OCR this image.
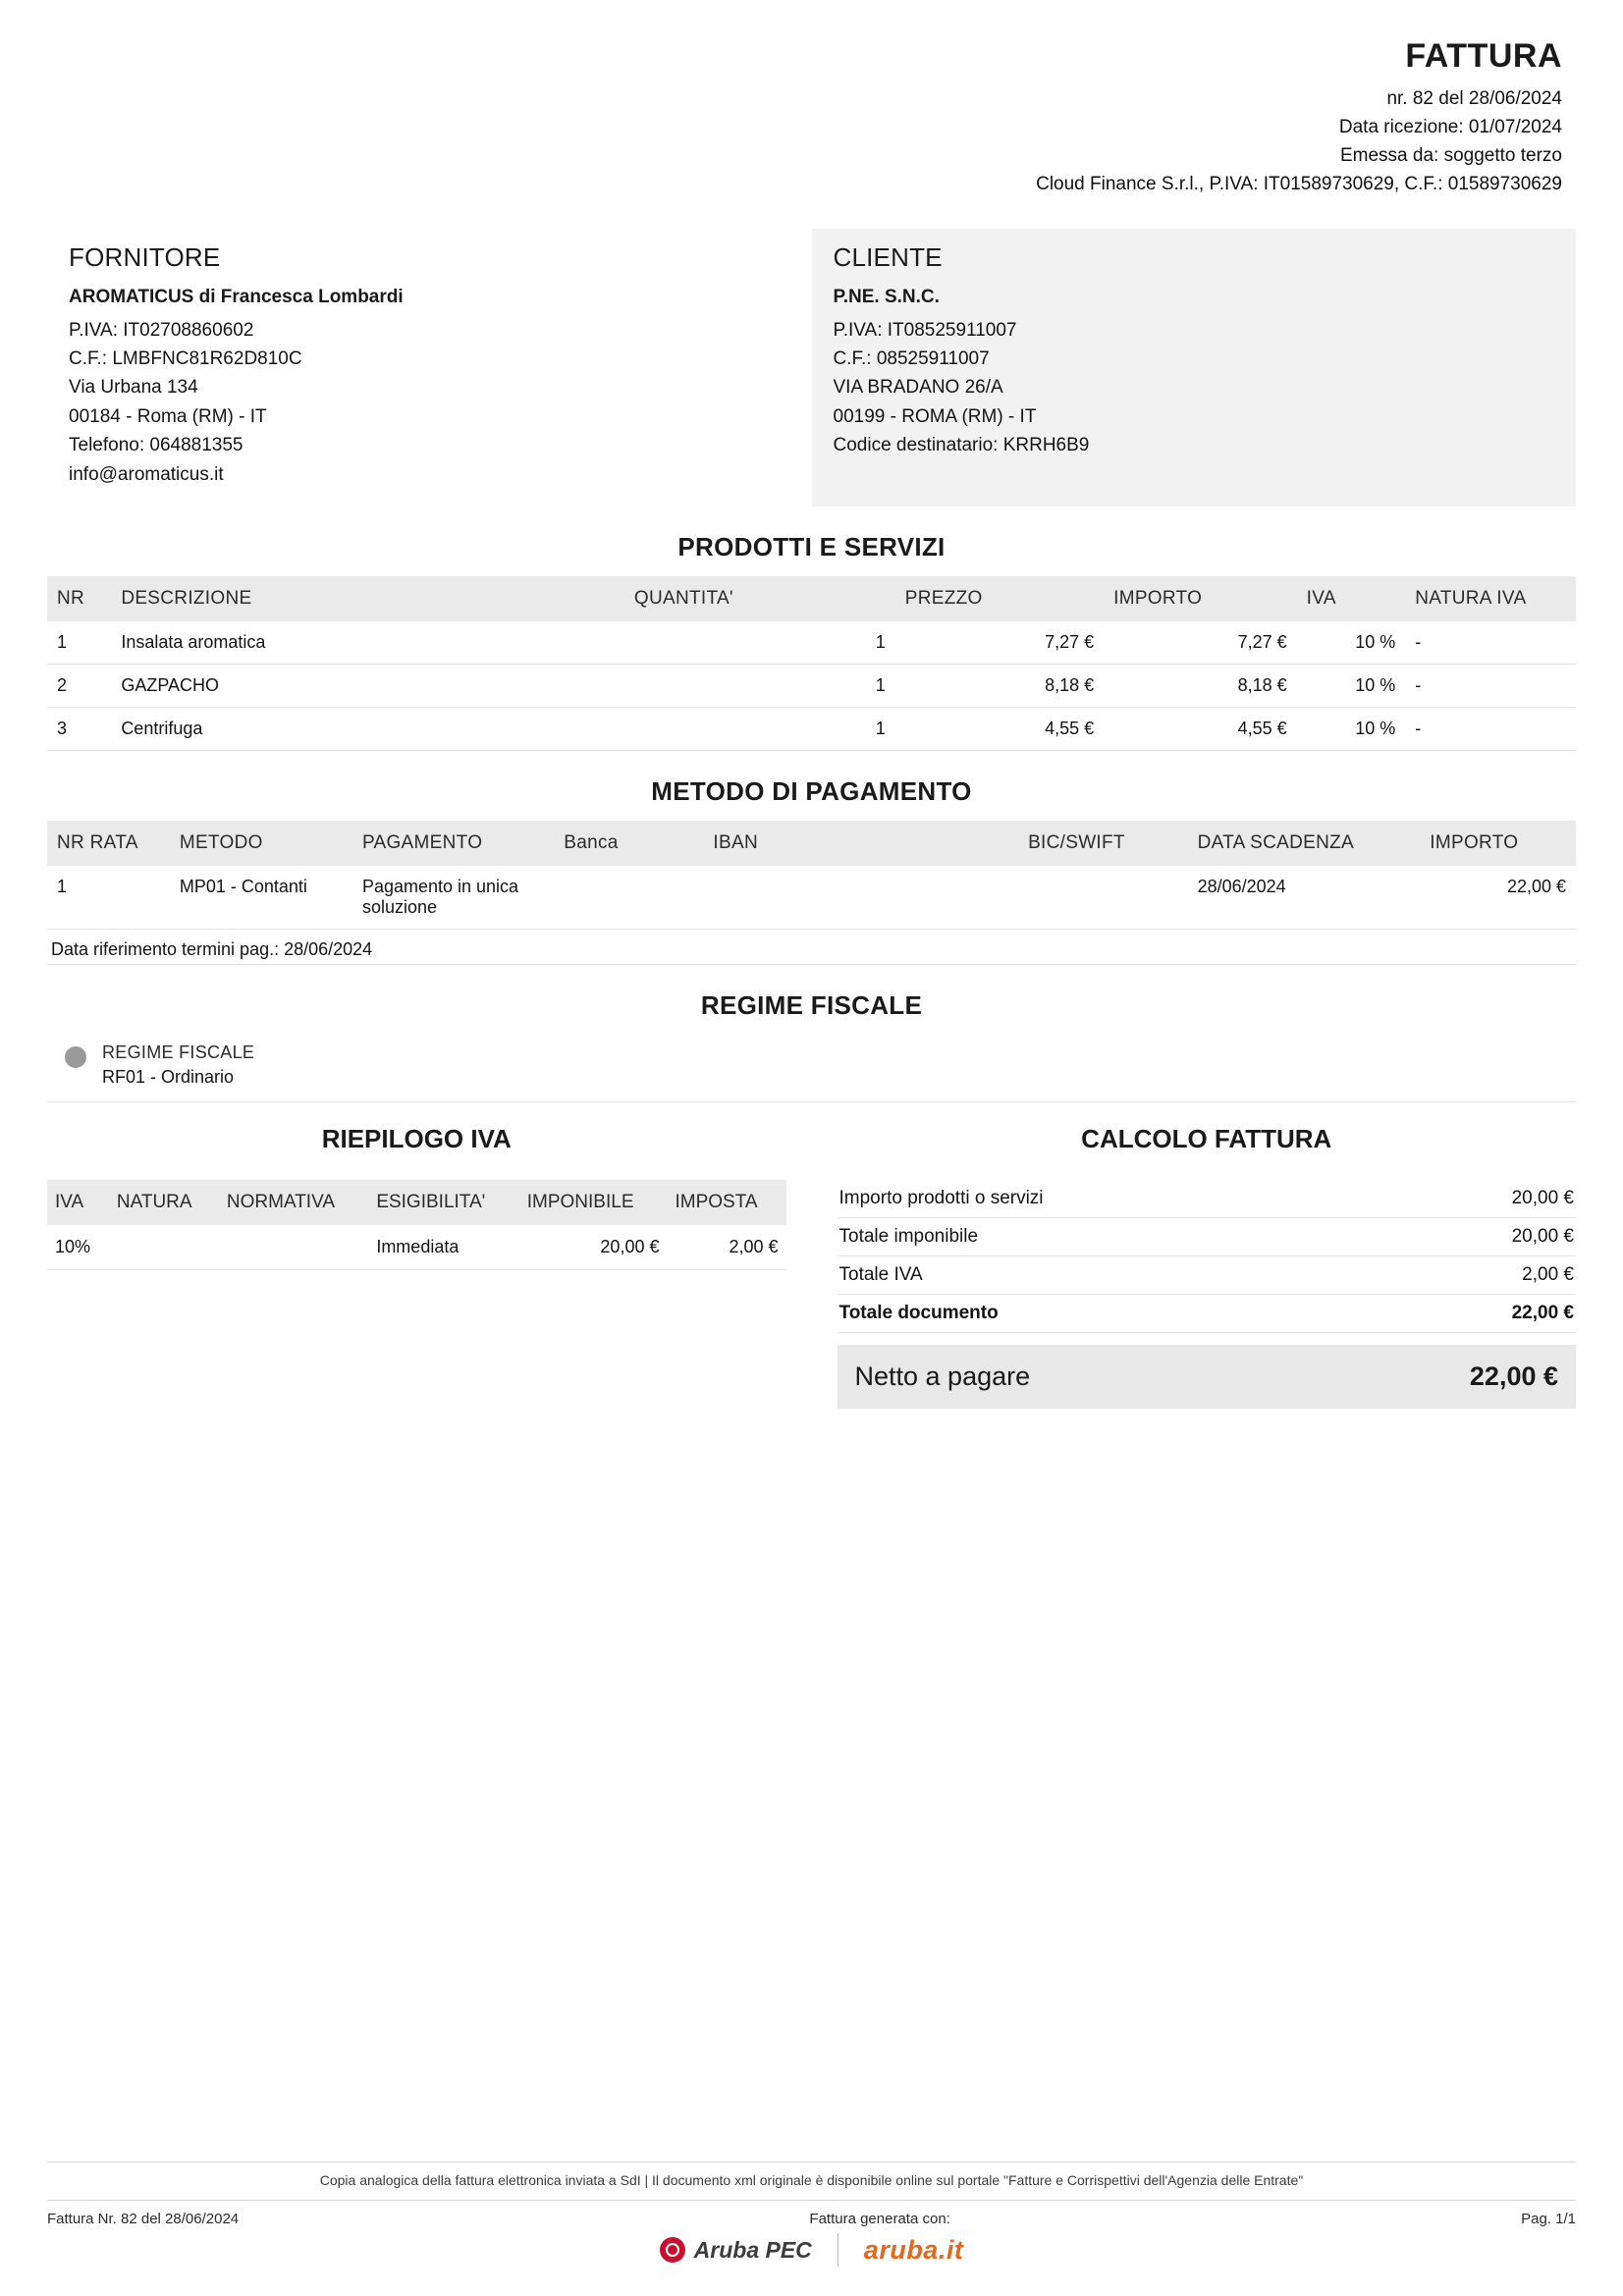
FATTURA
nr. 82 del 28/06/2024
Data ricezione: 01/07/2024
Emessa da: soggetto terzo
Cloud Finance S.r.l., P.IVA: IT01589730629, C.F.: 01589730629
FORNITORE
AROMATICUS di Francesca Lombardi
P.IVA: IT02708860602
C.F.: LMBFNC81R62D810C
Via Urbana 134
00184 - Roma (RM) - IT
Telefono: 064881355
info@aromaticus.it
CLIENTE
P.NE. S.N.C.
P.IVA: IT08525911007
C.F.: 08525911007
VIA BRADANO 26/A
00199 - ROMA (RM) - IT
Codice destinatario: KRRH6B9
PRODOTTI E SERVIZI
NR	DESCRIZIONE	QUANTITA'	PREZZO	IMPORTO	IVA	NATURA IVA
1	Insalata aromatica	1	7,27 €	7,27 €	10 %	-
2	GAZPACHO	1	8,18 €	8,18 €	10 %	-
3	Centrifuga	1	4,55 €	4,55 €	10 %	-
METODO DI PAGAMENTO
NR RATA	METODO	PAGAMENTO	Banca	IBAN	BIC/SWIFT	DATA SCADENZA	IMPORTO
1	MP01 - Contanti	Pagamento in unica soluzione				28/06/2024	22,00 €
Data riferimento termini pag.: 28/06/2024
REGIME FISCALE
REGIME FISCALE
RF01 - Ordinario
RIEPILOGO IVA
IVA	NATURA	NORMATIVA	ESIGIBILITA'	IMPONIBILE	IMPOSTA
10%			Immediata	20,00 €	2,00 €
CALCOLO FATTURA
Importo prodotti o servizi	20,00 €
Totale imponibile	20,00 €
Totale IVA	2,00 €
Totale documento	22,00 €
Netto a pagare	22,00 €
Copia analogica della fattura elettronica inviata a SdI | Il documento xml originale è disponibile online sul portale "Fatture e Corrispettivi dell'Agenzia delle Entrate"
Fattura Nr. 82 del 28/06/2024	Fattura generata con:	Pag. 1/1
Aruba PEC aruba.it
